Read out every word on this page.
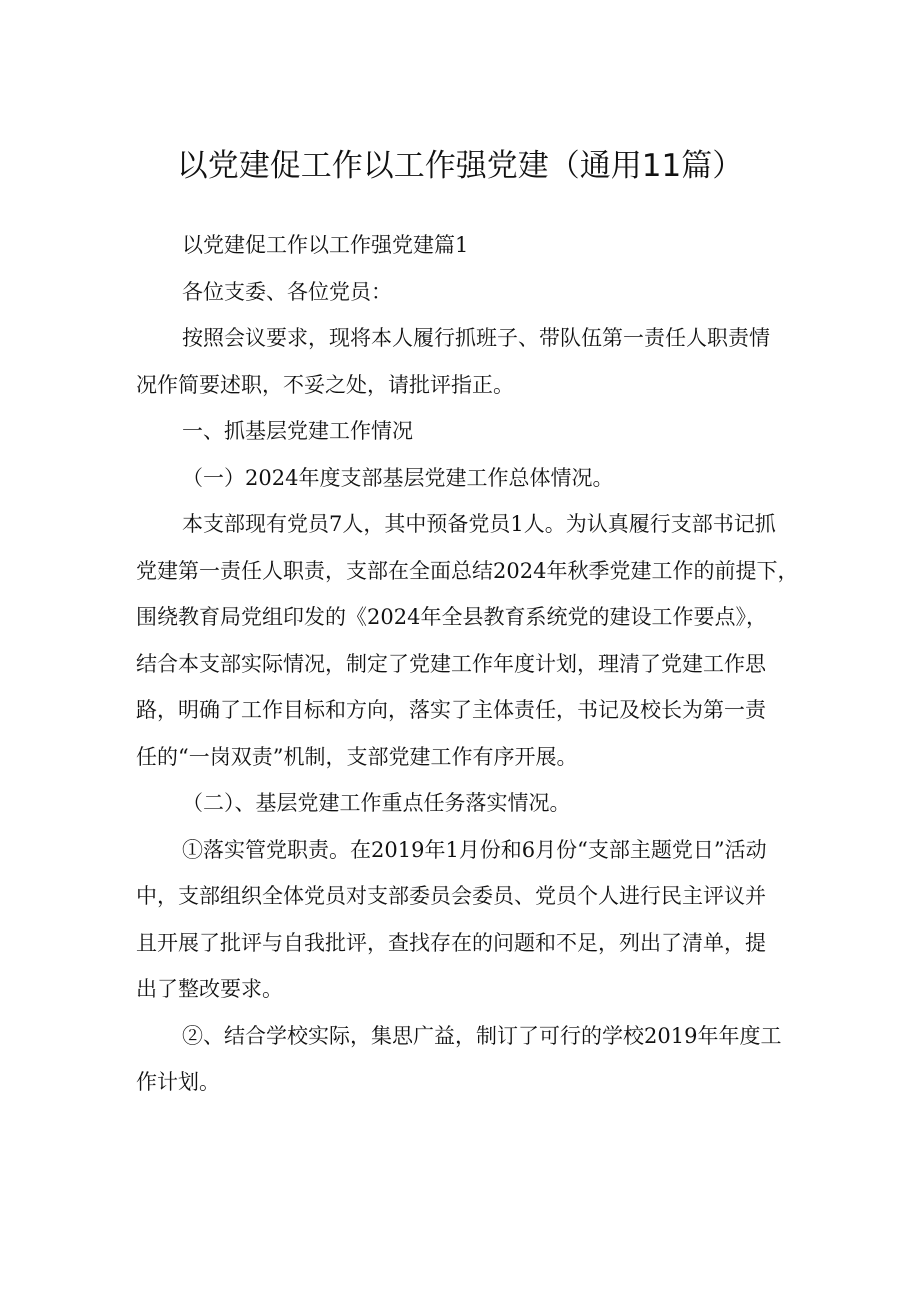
以党建促工作以工作强党建（通用11篇）
以党建促工作以工作强党建篇1
各位支委、各位党员：
按照会议要求，现将本人履行抓班子、带队伍第一责任人职责情
况作简要述职，不妥之处，请批评指正。
一、抓基层党建工作情况
（一）2024年度支部基层党建工作总体情况。
本支部现有党员7人，其中预备党员1人。为认真履行支部书记抓
党建第一责任人职责，支部在全面总结2024年秋季党建工作的前提下，
围绕教育局党组印发的《2024年全县教育系统党的建设工作要点》，
结合本支部实际情况，制定了党建工作年度计划，理清了党建工作思
路，明确了工作目标和方向，落实了主体责任，书记及校长为第一责
任的“一岗双责”机制，支部党建工作有序开展。
（二）、基层党建工作重点任务落实情况。
①落实管党职责。在2019年1月份和6月份“支部主题党日”活动
中，支部组织全体党员对支部委员会委员、党员个人进行民主评议并
且开展了批评与自我批评，查找存在的问题和不足，列出了清单，提
出了整改要求。
②、结合学校实际，集思广益，制订了可行的学校2019年年度工
作计划。
